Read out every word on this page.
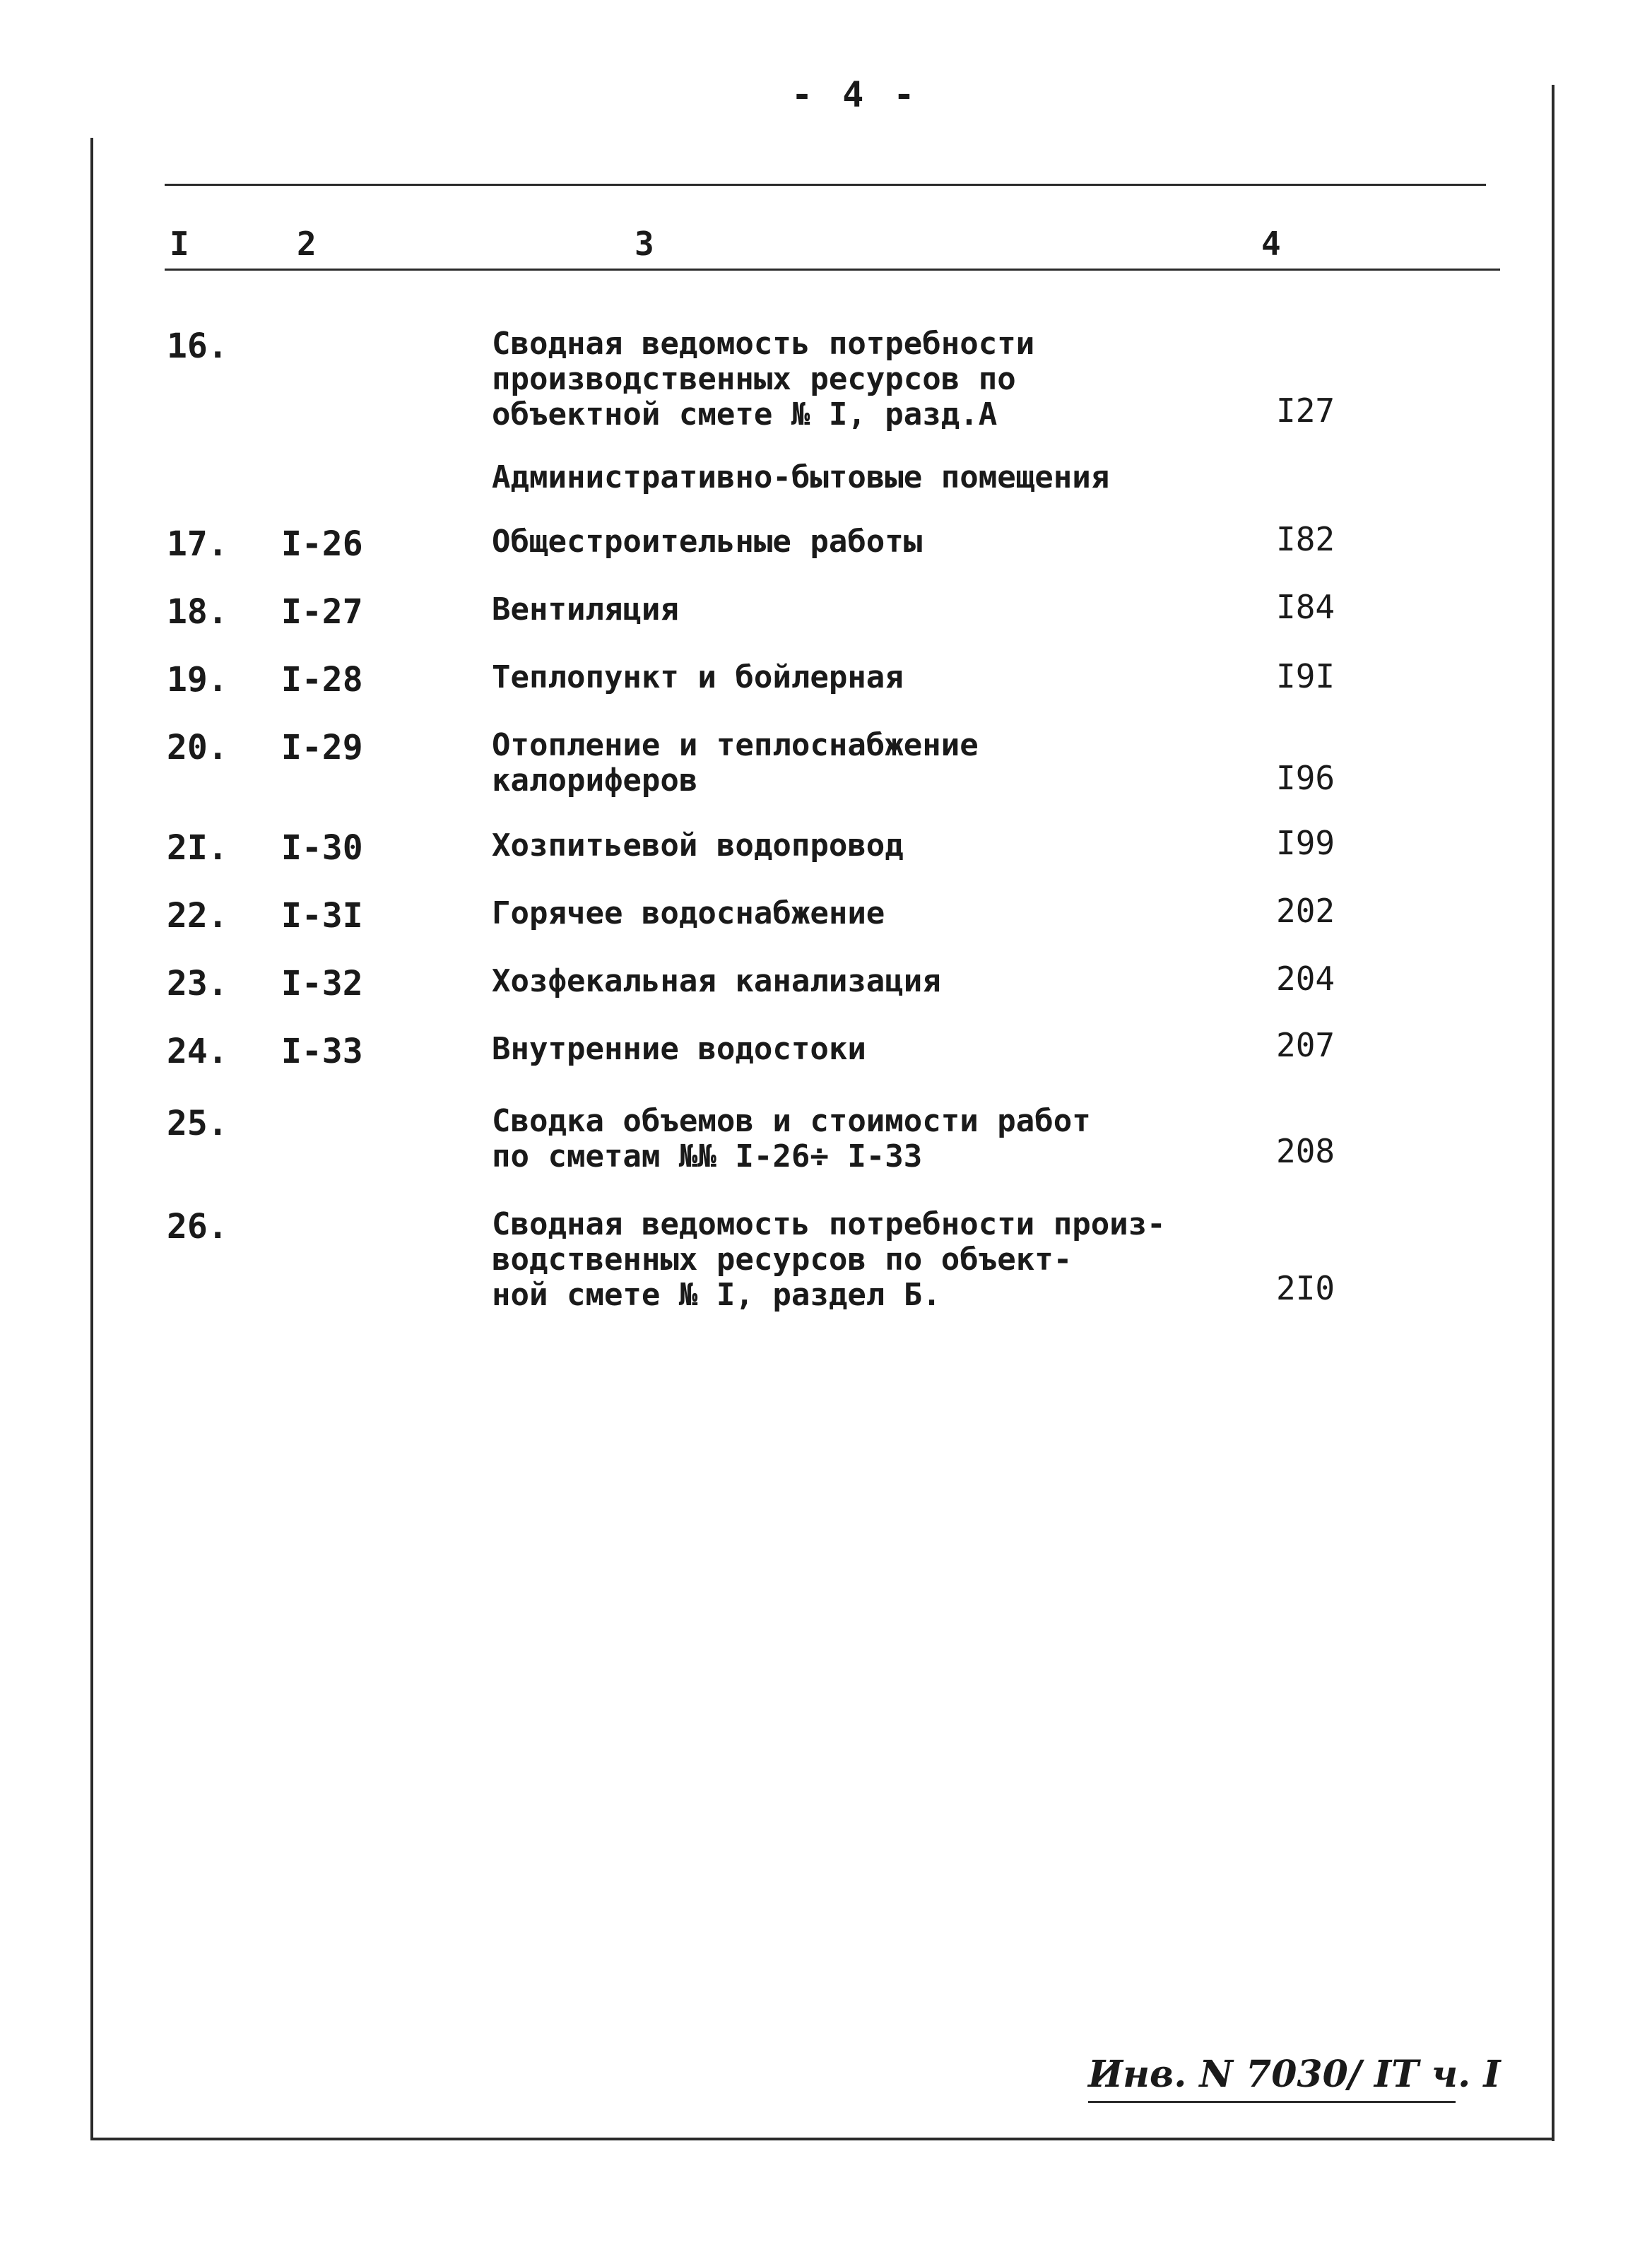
- 4 -
I	2	3	4
16.	Сводная ведомость потребности
производственных ресурсов по
объектной смете № I, разд.А	I27
Административно-бытовые помещения
17. I-26	Общестроительные работы	I82
18. I-27	Вентиляция	I84
19. I-28	Теплопункт и бойлерная	I9I
20. I-29	Отопление и теплоснабжение
калориферов	I96
2I. I-30	Хозпитьевой водопровод	I99
22. I-3I	Горячее водоснабжение	202
23. I-32	Хозфекальная канализация	204
24. I-33	Внутренние водостоки	207
25.	Сводка объемов и стоимости работ
по сметам №№ I-26÷ I-33	208
26.	Сводная ведомость потребности произ-
водственных ресурсов по объект-
ной смете № I, раздел Б.	2I0
Инв. N 7030/ IT ч. I
